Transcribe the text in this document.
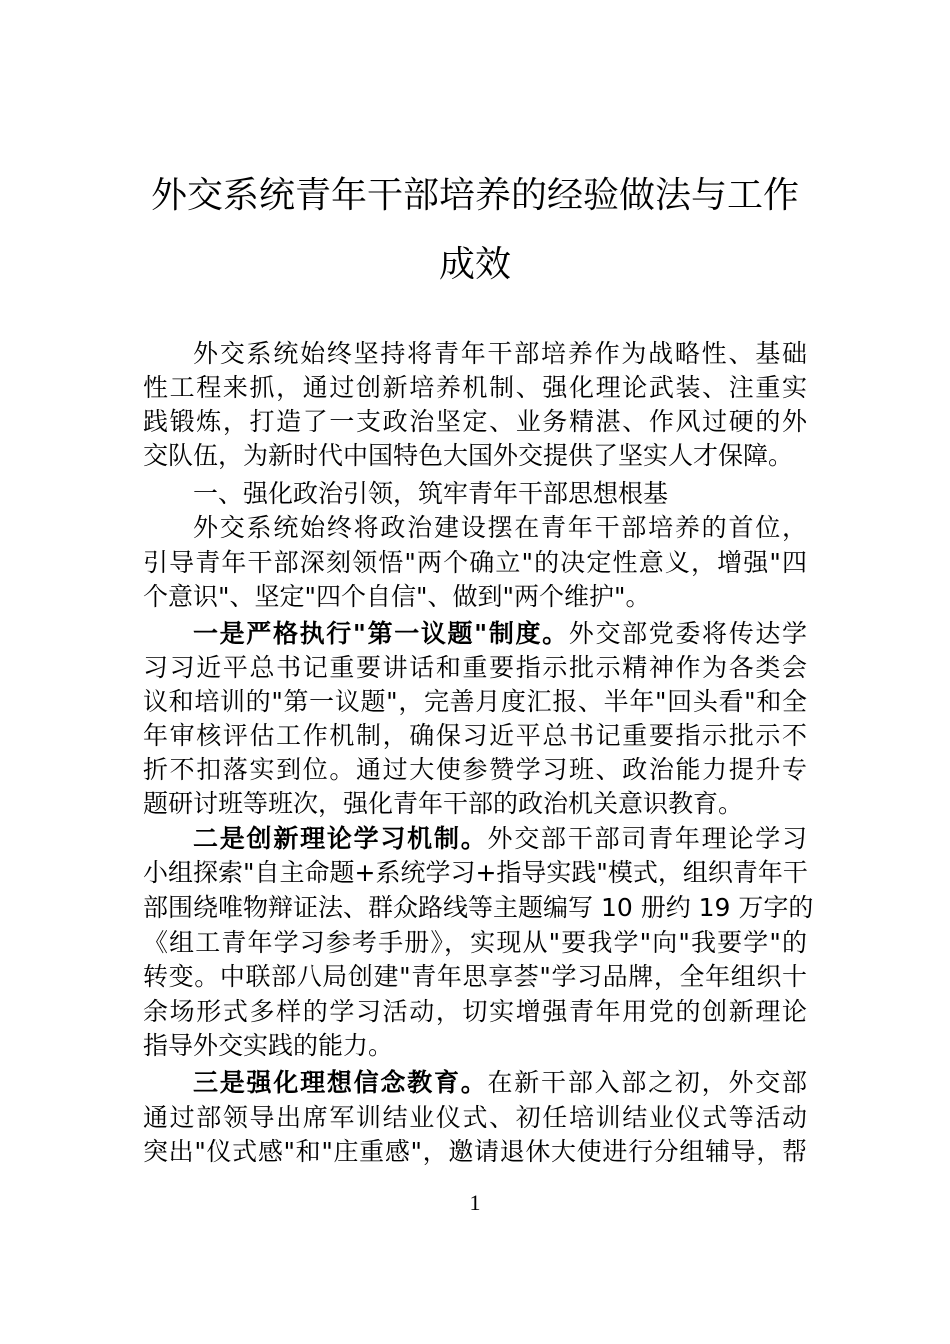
外交系统青年干部培养的经验做法与工作
成效
外交系统始终坚持将青年干部培养作为战略性、基础
性工程来抓，通过创新培养机制、强化理论武装、注重实
践锻炼，打造了一支政治坚定、业务精湛、作风过硬的外
交队伍，为新时代中国特色大国外交提供了坚实人才保障。
一、强化政治引领，筑牢青年干部思想根基
外交系统始终将政治建设摆在青年干部培养的首位，
引导青年干部深刻领悟"两个确立"的决定性意义，增强"四
个意识"、坚定"四个自信"、做到"两个维护"。
一是严格执行"第一议题"制度。外交部党委将传达学
习习近平总书记重要讲话和重要指示批示精神作为各类会
议和培训的"第一议题"，完善月度汇报、半年"回头看"和全
年审核评估工作机制，确保习近平总书记重要指示批示不
折不扣落实到位。通过大使参赞学习班、政治能力提升专
题研讨班等班次，强化青年干部的政治机关意识教育。
二是创新理论学习机制。外交部干部司青年理论学习
小组探索"自主命题+系统学习+指导实践"模式，组织青年干
部围绕唯物辩证法、群众路线等主题编写 10 册约 19 万字的
《组工青年学习参考手册》，实现从"要我学"向"我要学"的
转变。中联部八局创建"青年思享荟"学习品牌，全年组织十
余场形式多样的学习活动，切实增强青年用党的创新理论
指导外交实践的能力。
三是强化理想信念教育。在新干部入部之初，外交部
通过部领导出席军训结业仪式、初任培训结业仪式等活动
突出"仪式感"和"庄重感"，邀请退休大使进行分组辅导，帮
1
